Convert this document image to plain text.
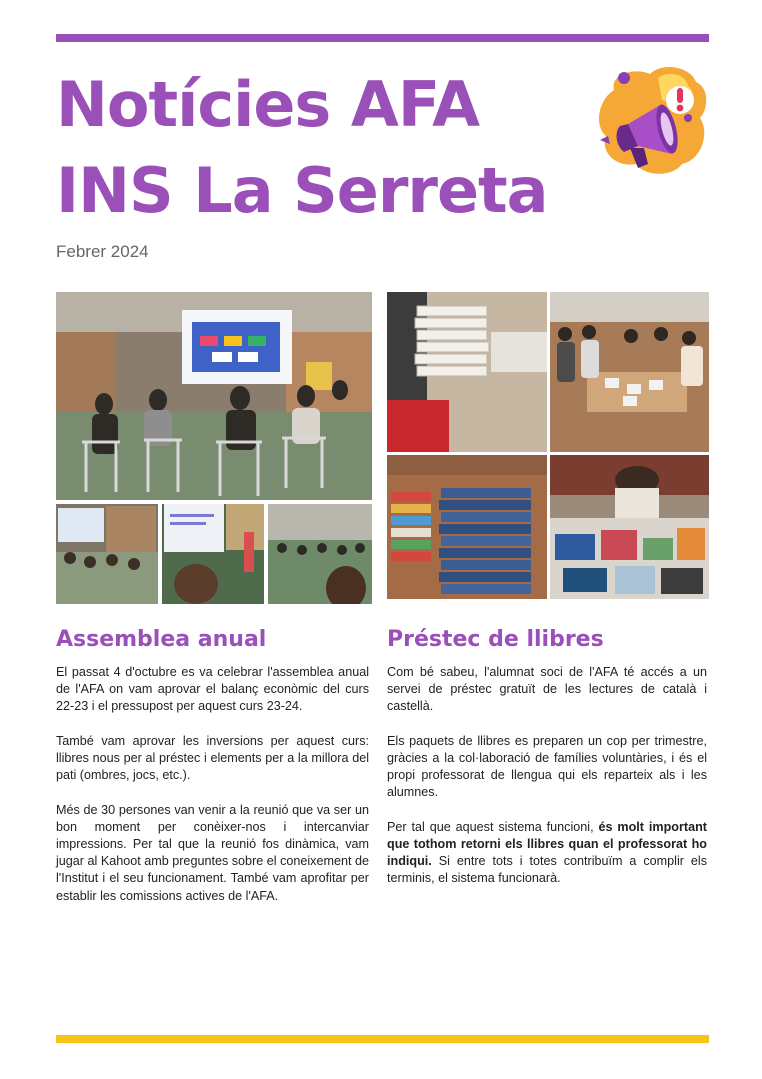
Notícies AFA
INS La Serreta
Febrer 2024
Assemblea anual	Préstec de llibres

El passat 4 d'octubre es va celebrar l'assemblea anual de l'AFA on vam aprovar el balanç econòmic del curs 22-23 i el pressupost per aquest curs 23-24.

També vam aprovar les inversions per aquest curs: llibres nous per al préstec i elements per a la millora del pati (ombres, jocs, etc.).

Més de 30 persones van venir a la reunió que va ser un bon moment per conèixer-nos i intercanviar impressions. Per tal que la reunió fos dinàmica, vam jugar al Kahoot amb preguntes sobre el coneixement de l'Institut i el seu funcionament. També vam aprofitar per establir les comissions actives de l'AFA.

Com bé sabeu, l'alumnat soci de l'AFA té accés a un servei de préstec gratuït de les lectures de català i castellà.

Els paquets de llibres es preparen un cop per trimestre, gràcies a la col·laboració de famílies voluntàries, i és el propi professorat de llengua qui els reparteix als i les alumnes.

Per tal que aquest sistema funcioni, és molt important que tothom retorni els llibres quan el professorat ho indiqui. Si entre tots i totes contribuïm a complir els terminis, el sistema funcionarà.
